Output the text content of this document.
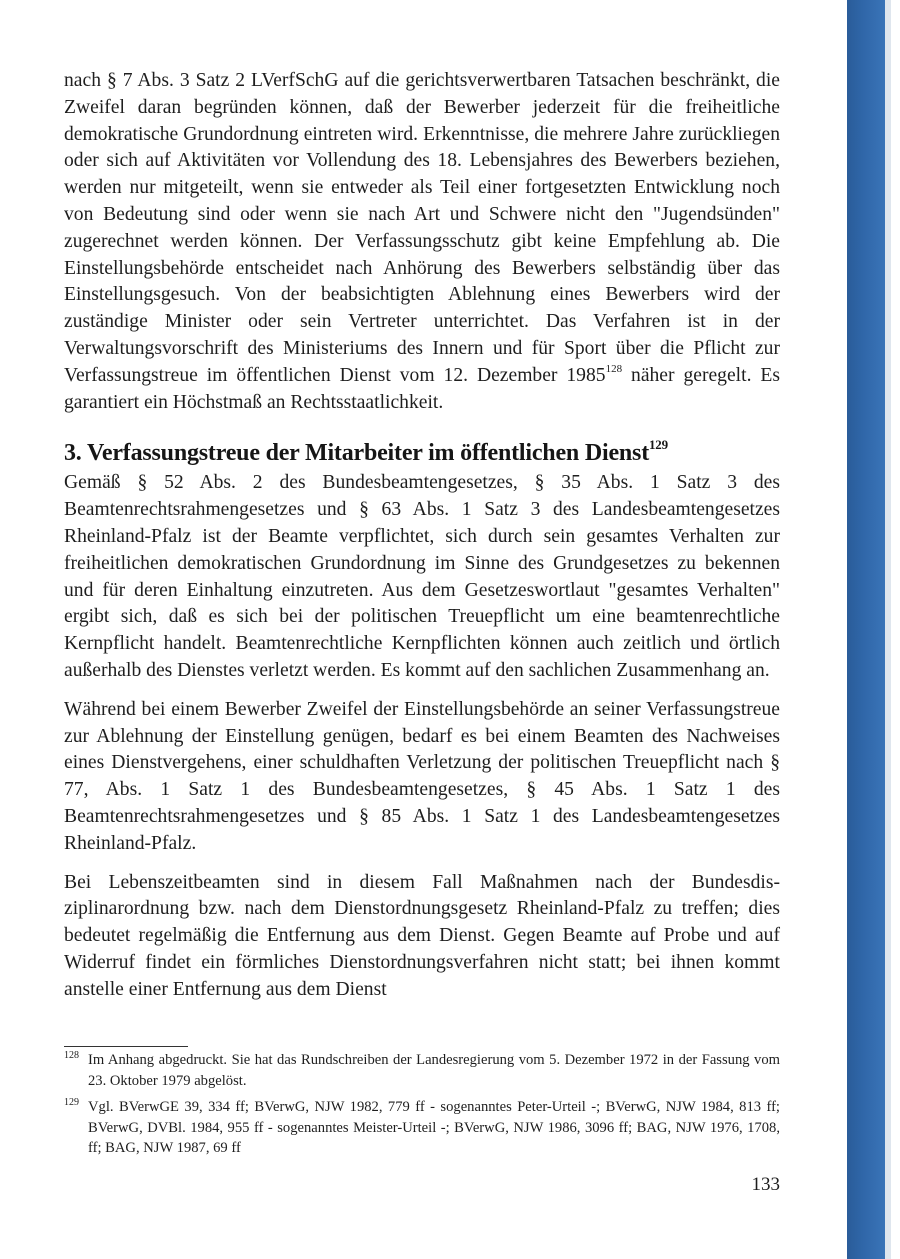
nach § 7 Abs. 3 Satz 2 LVerfSchG auf die gerichtsverwertbaren Tatsachen beschränkt, die Zweifel daran begründen können, daß der Bewerber jederzeit für die freiheitliche demokratische Grundordnung eintreten wird. Erkenntnisse, die mehrere Jahre zurückliegen oder sich auf Aktivitäten vor Vollendung des 18. Lebensjahres des Bewerbers beziehen, werden nur mitgeteilt, wenn sie entweder als Teil einer fortgesetzten Entwicklung noch von Bedeutung sind oder wenn sie nach Art und Schwere nicht den "Jugendsünden" zugerechnet werden können. Der Verfassungsschutz gibt keine Empfehlung ab. Die Einstellungsbehörde entscheidet nach Anhörung des Bewerbers selbständig über das Einstellungsgesuch. Von der beabsichtigten Ablehnung eines Bewerbers wird der zuständige Minister oder sein Vertreter unterrichtet. Das Verfahren ist in der Verwaltungsvorschrift des Ministeriums des Innern und für Sport über die Pflicht zur Verfassungstreue im öffentlichen Dienst vom 12. Dezember 1985$^{128}$ näher geregelt. Es garantiert ein Höchstmaß an Rechtsstaatlichkeit.

3. Verfassungstreue der Mitarbeiter im öffentlichen Dienst$^{129}$

Gemäß § 52 Abs. 2 des Bundesbeamtengesetzes, § 35 Abs. 1 Satz 3 des Beamtenrechtsrahmengesetzes und § 63 Abs. 1 Satz 3 des Landesbeamtengesetzes Rheinland-Pfalz ist der Beamte verpflichtet, sich durch sein gesamtes Verhalten zur freiheitlichen demokratischen Grundordnung im Sinne des Grundgesetzes zu bekennen und für deren Einhaltung einzutreten. Aus dem Gesetzeswortlaut "gesamtes Verhalten" ergibt sich, daß es sich bei der politischen Treuepflicht um eine beamtenrechtliche Kernpflicht handelt. Beamtenrechtliche Kernpflichten können auch zeitlich und örtlich außerhalb des Dienstes verletzt werden. Es kommt auf den sachlichen Zusammenhang an.

Während bei einem Bewerber Zweifel der Einstellungsbehörde an seiner Verfassungstreue zur Ablehnung der Einstellung genügen, bedarf es bei einem Beamten des Nachweises eines Dienstvergehens, einer schuldhaften Verletzung der politischen Treuepflicht nach § 77, Abs. 1 Satz 1 des Bundesbeamtengesetzes, § 45 Abs. 1 Satz 1 des Beamtenrechtsrahmengesetzes und § 85 Abs. 1 Satz 1 des Landesbeamtengesetzes Rheinland-Pfalz.

Bei Lebenszeitbeamten sind in diesem Fall Maßnahmen nach der Bundesdisziplinarordnung bzw. nach dem Dienstordnungsgesetz Rheinland-Pfalz zu treffen; dies bedeutet regelmäßig die Entfernung aus dem Dienst. Gegen Beamte auf Probe und auf Widerruf findet ein förmliches Dienstordnungsverfahren nicht statt; bei ihnen kommt anstelle einer Entfernung aus dem Dienst

128 Im Anhang abgedruckt. Sie hat das Rundschreiben der Landesregierung vom 5. Dezember 1972 in der Fassung vom 23. Oktober 1979 abgelöst.
129 Vgl. BVerwGE 39, 334 ff; BVerwG, NJW 1982, 779 ff - sogenanntes Peter-Urteil -; BVerwG, NJW 1984, 813 ff; BVerwG, DVBl. 1984, 955 ff - sogenanntes Meister-Urteil -; BVerwG, NJW 1986, 3096 ff; BAG, NJW 1976, 1708, ff; BAG, NJW 1987, 69 ff
133
